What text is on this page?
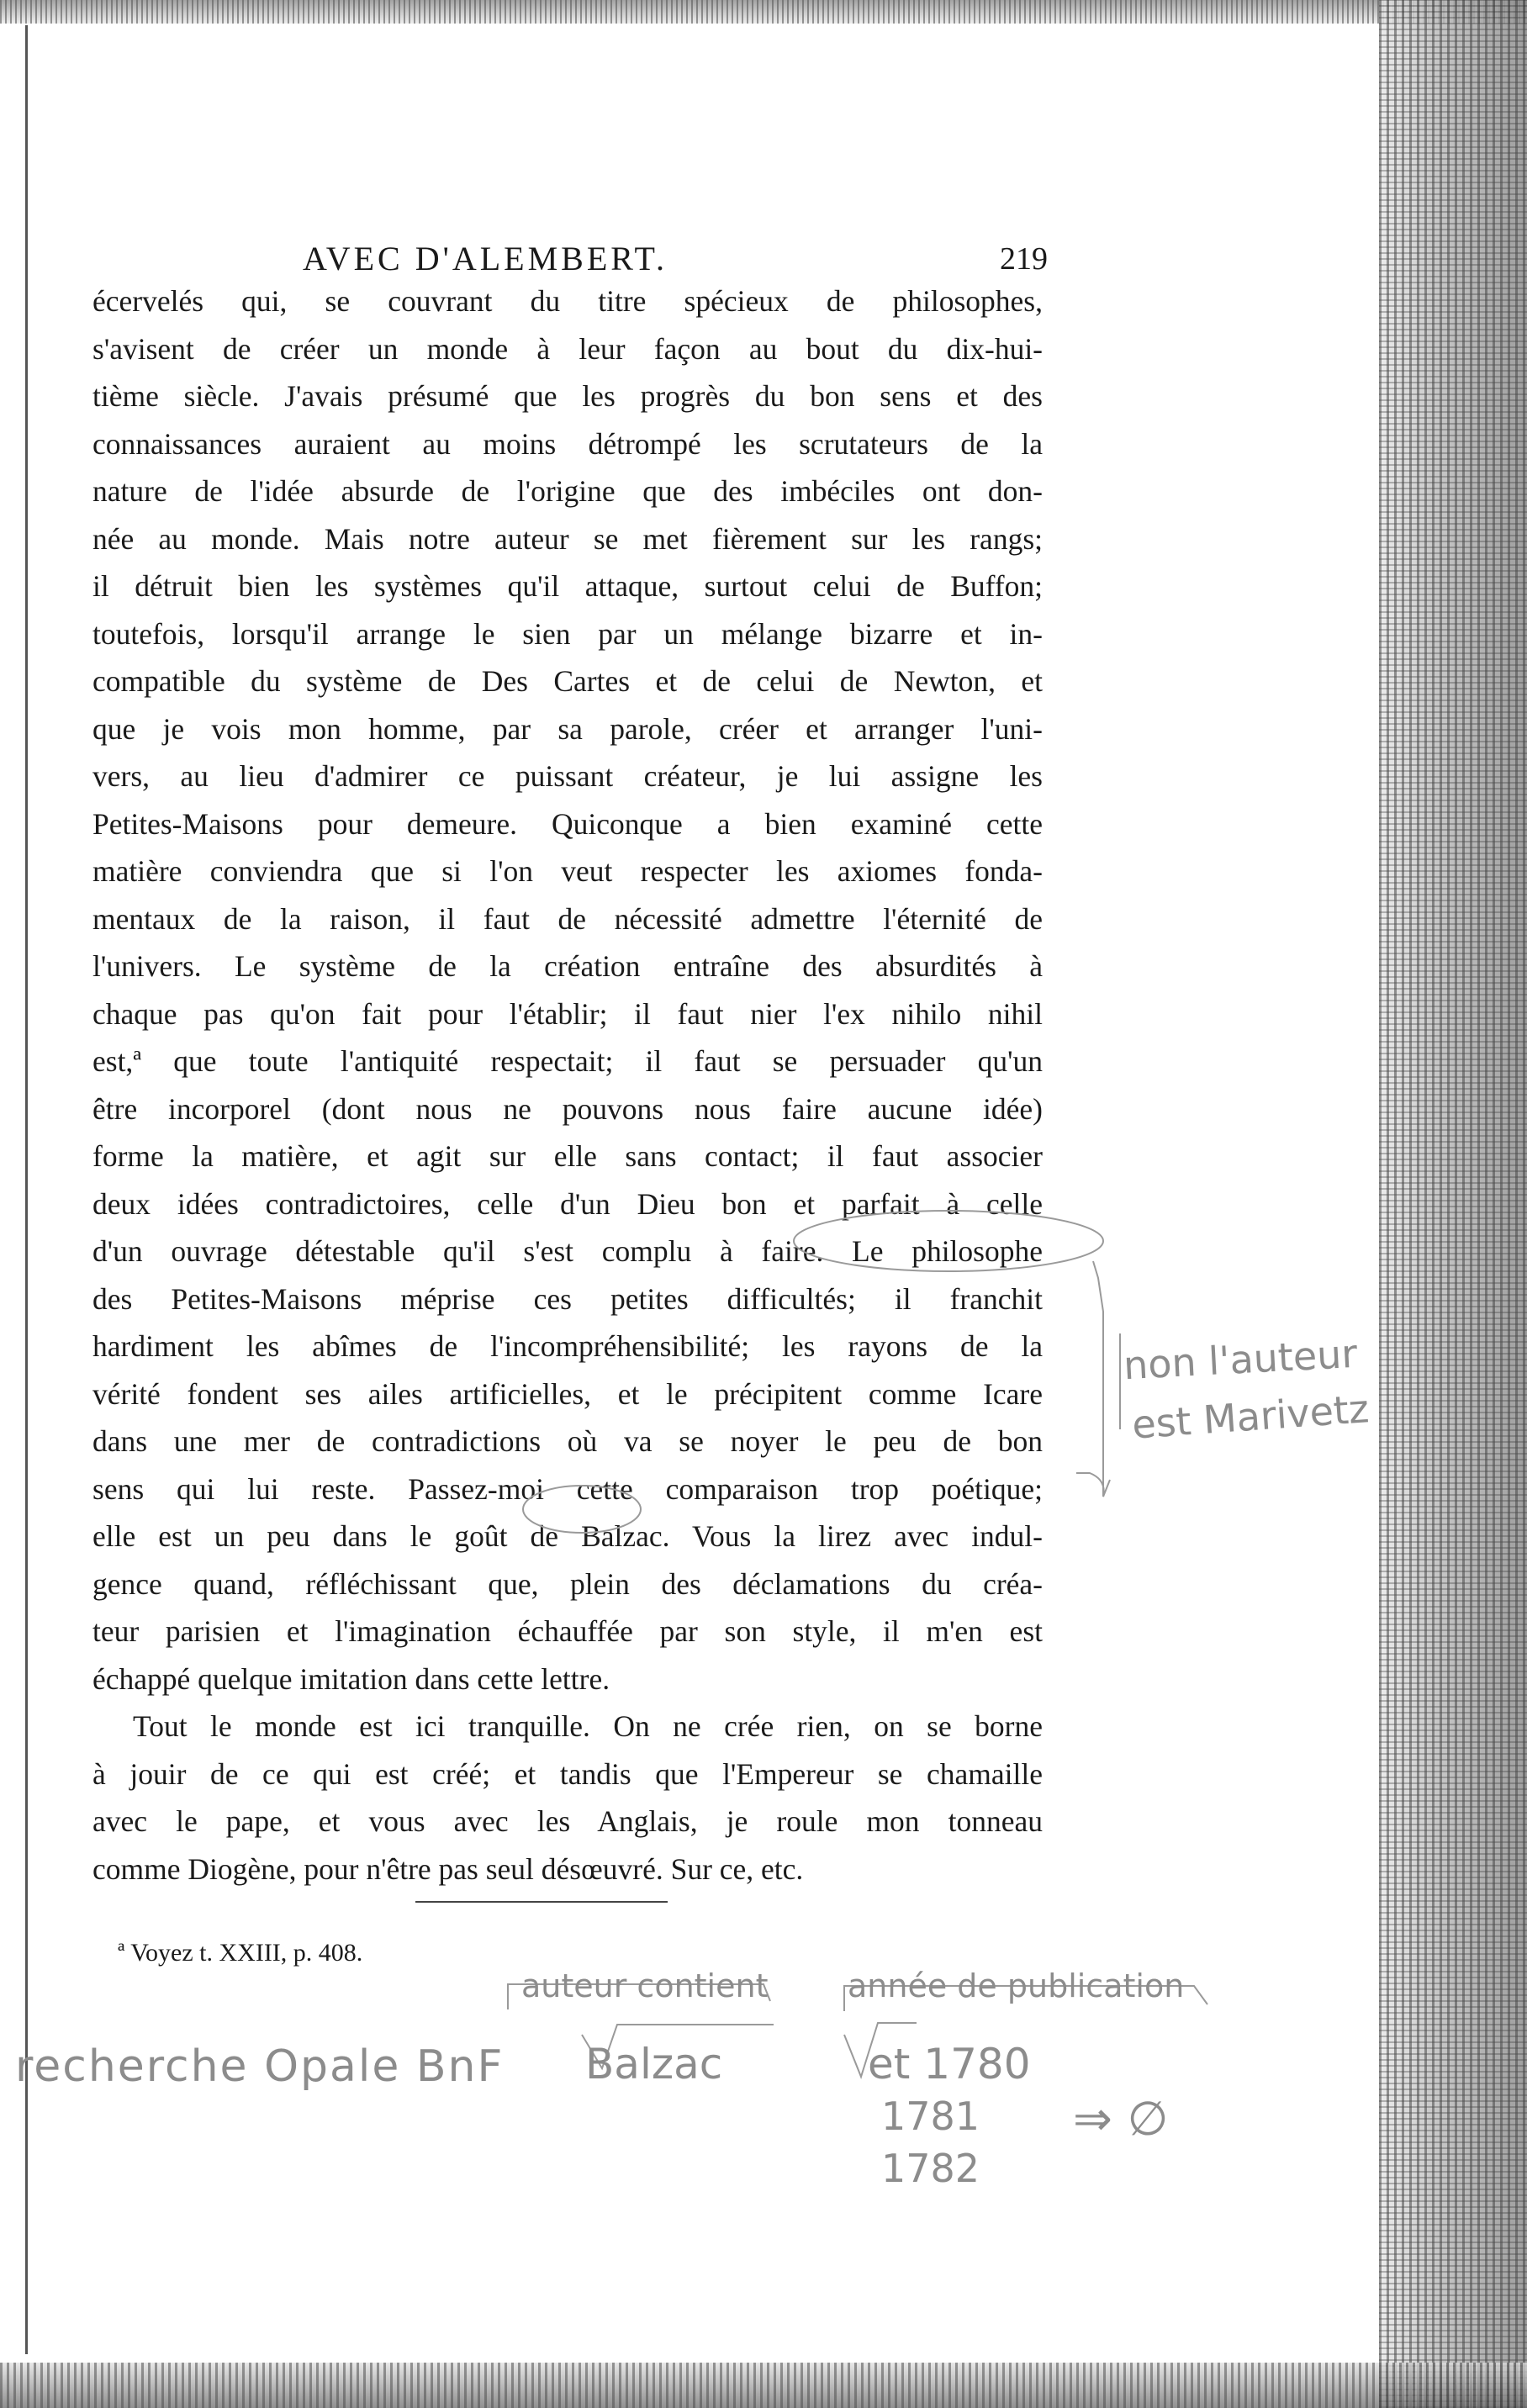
AVEC D'ALEMBERT.	219
écervelés qui, se couvrant du titre spécieux de philosophes,
s'avisent de créer un monde à leur façon au bout du dix-hui-
tième siècle. J'avais présumé que les progrès du bon sens et des
connaissances auraient au moins détrompé les scrutateurs de la
nature de l'idée absurde de l'origine que des imbéciles ont don-
née au monde. Mais notre auteur se met fièrement sur les rangs;
il détruit bien les systèmes qu'il attaque, surtout celui de Buffon;
toutefois, lorsqu'il arrange le sien par un mélange bizarre et in-
compatible du système de Des Cartes et de celui de Newton, et
que je vois mon homme, par sa parole, créer et arranger l'uni-
vers, au lieu d'admirer ce puissant créateur, je lui assigne les
Petites-Maisons pour demeure. Quiconque a bien examiné cette
matière conviendra que si l'on veut respecter les axiomes fonda-
mentaux de la raison, il faut de nécessité admettre l'éternité de
l'univers. Le système de la création entraîne des absurdités à
chaque pas qu'on fait pour l'établir; il faut nier l'ex nihilo nihil
est,ª que toute l'antiquité respectait; il faut se persuader qu'un
être incorporel (dont nous ne pouvons nous faire aucune idée)
forme la matière, et agit sur elle sans contact; il faut associer
deux idées contradictoires, celle d'un Dieu bon et parfait à celle
d'un ouvrage détestable qu'il s'est complu à faire. Le philosophe
des Petites-Maisons méprise ces petites difficultés; il franchit
hardiment les abîmes de l'incompréhensibilité; les rayons de la
vérité fondent ses ailes artificielles, et le précipitent comme Icare
dans une mer de contradictions où va se noyer le peu de bon
sens qui lui reste. Passez-moi cette comparaison trop poétique;
elle est un peu dans le goût de Balzac. Vous la lirez avec indul-
gence quand, réfléchissant que, plein des déclamations du créa-
teur parisien et l'imagination échauffée par son style, il m'en est
échappé quelque imitation dans cette lettre.
Tout le monde est ici tranquille. On ne crée rien, on se borne
à jouir de ce qui est créé; et tandis que l'Empereur se chamaille
avec le pape, et vous avec les Anglais, je roule mon tonneau
comme Diogène, pour n'être pas seul désœuvré. Sur ce, etc.
ª Voyez t. XXIII, p. 408.
auteur contient année de publication
non l'auteur
est Marivetz
recherche Opale BnF Balzac	et 1780
1781
1782
⇒ ∅
